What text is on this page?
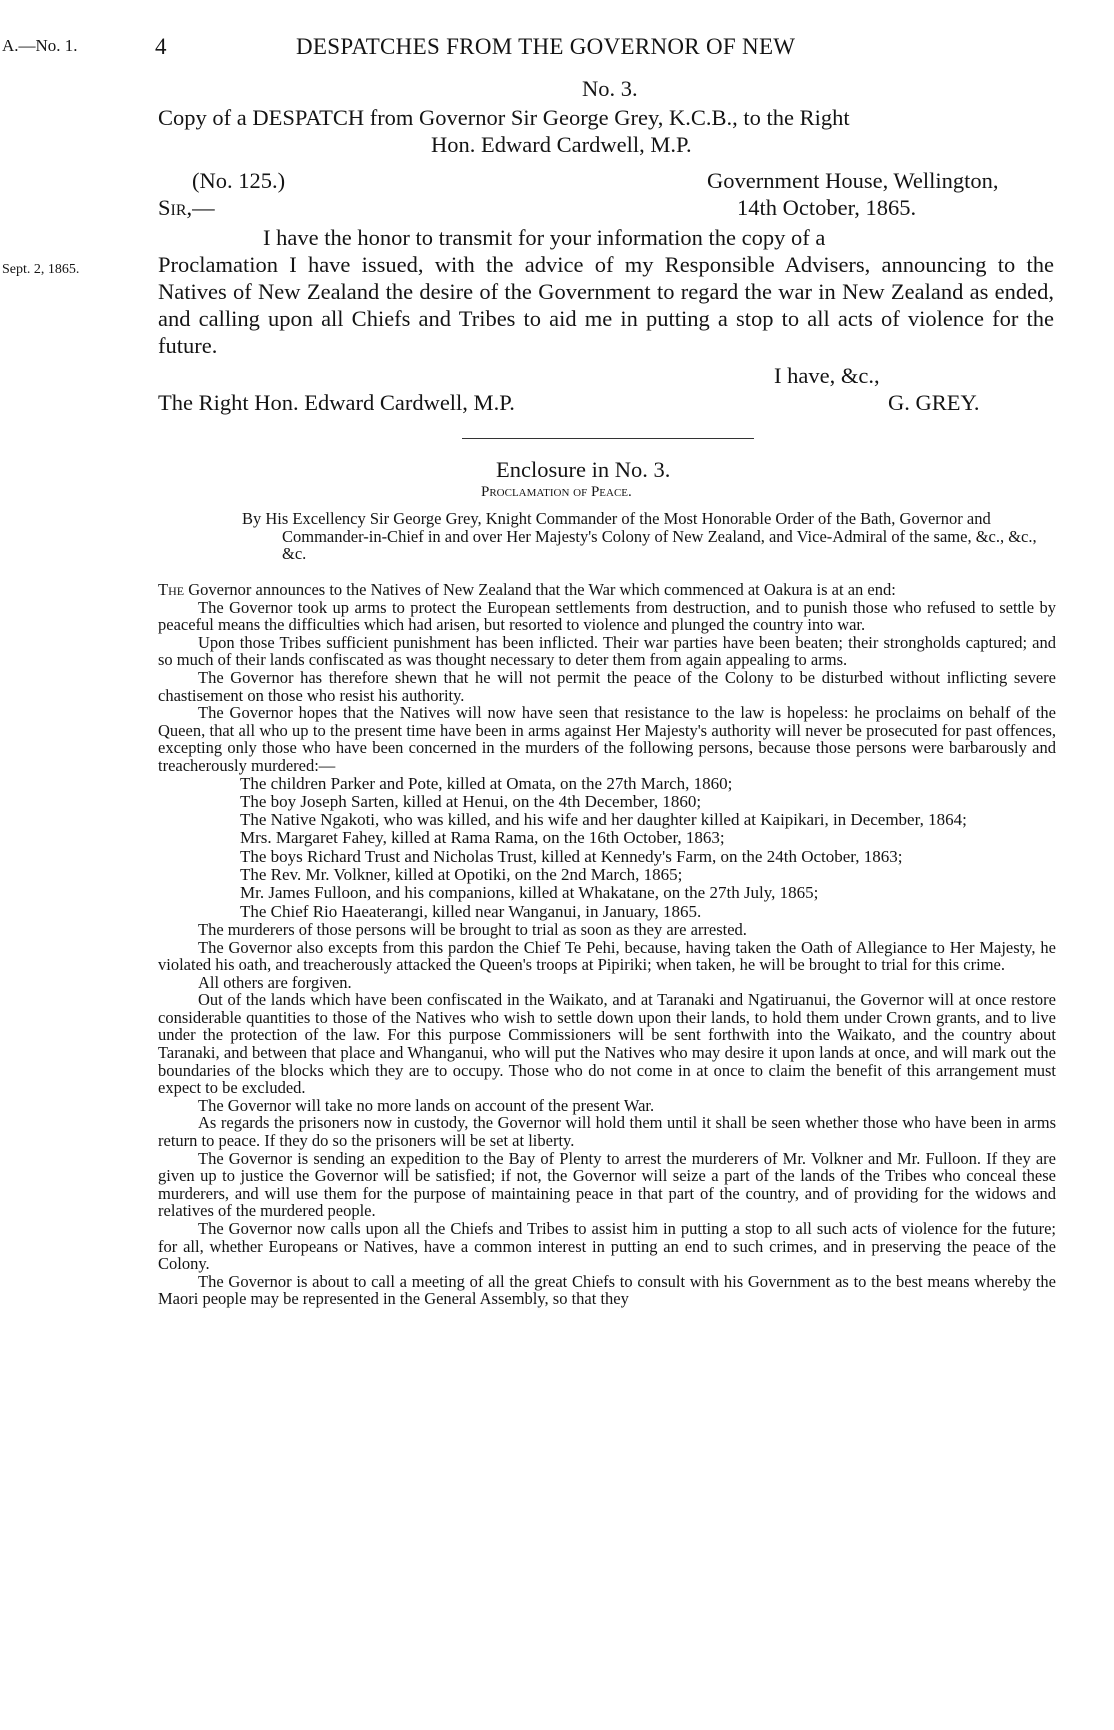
A.—No. 1.	4	DESPATCHES FROM THE GOVERNOR OF NEW
Sept. 2, 1865.
No. 3.
Copy of a DESPATCH from Governor Sir George Grey, K.C.B., to the Right
Hon. Edward Cardwell, M.P.
(No. 125.)	Government House, Wellington,
Sir,—	14th October, 1865.

I have the honor to transmit for your information the copy of a

Proclamation I have issued, with the advice of my Responsible Advisers, announcing to the Natives of New Zealand the desire of the Government to regard the war in New Zealand as ended, and calling upon all Chiefs and Tribes to aid me in putting a stop to all acts of violence for the future.

I have, &c.,
The Right Hon. Edward Cardwell, M.P.	G. GREY.
Enclosure in No. 3.
Proclamation of Peace.
By His Excellency Sir George Grey, Knight Commander of the Most Honorable Order of the Bath, Governor and Commander-in-Chief in and over Her Majesty's Colony of New Zealand, and Vice-Admiral of the same, &c., &c., &c.

The Governor announces to the Natives of New Zealand that the War which commenced at Oakura is at an end:

The Governor took up arms to protect the European settlements from destruction, and to punish those who refused to settle by peaceful means the difficulties which had arisen, but resorted to violence and plunged the country into war.

Upon those Tribes sufficient punishment has been inflicted. Their war parties have been beaten; their strongholds captured; and so much of their lands confiscated as was thought necessary to deter them from again appealing to arms.

The Governor has therefore shewn that he will not permit the peace of the Colony to be disturbed without inflicting severe chastisement on those who resist his authority.

The Governor hopes that the Natives will now have seen that resistance to the law is hopeless: he proclaims on behalf of the Queen, that all who up to the present time have been in arms against Her Majesty's authority will never be prosecuted for past offences, excepting only those who have been concerned in the murders of the following persons, because those persons were barbarously and treacherously murdered:—

The children Parker and Pote, killed at Omata, on the 27th March, 1860;
The boy Joseph Sarten, killed at Henui, on the 4th December, 1860;
The Native Ngakoti, who was killed, and his wife and her daughter killed at Kaipikari, in December, 1864;
Mrs. Margaret Fahey, killed at Rama Rama, on the 16th October, 1863;
The boys Richard Trust and Nicholas Trust, killed at Kennedy's Farm, on the 24th October, 1863;
The Rev. Mr. Volkner, killed at Opotiki, on the 2nd March, 1865;
Mr. James Fulloon, and his companions, killed at Whakatane, on the 27th July, 1865;
The Chief Rio Haeaterangi, killed near Wanganui, in January, 1865.

The murderers of those persons will be brought to trial as soon as they are arrested.

The Governor also excepts from this pardon the Chief Te Pehi, because, having taken the Oath of Allegiance to Her Majesty, he violated his oath, and treacherously attacked the Queen's troops at Pipiriki; when taken, he will be brought to trial for this crime.

All others are forgiven.

Out of the lands which have been confiscated in the Waikato, and at Taranaki and Ngatiruanui, the Governor will at once restore considerable quantities to those of the Natives who wish to settle down upon their lands, to hold them under Crown grants, and to live under the protection of the law. For this purpose Commissioners will be sent forthwith into the Waikato, and the country about Taranaki, and between that place and Whanganui, who will put the Natives who may desire it upon lands at once, and will mark out the boundaries of the blocks which they are to occupy. Those who do not come in at once to claim the benefit of this arrangement must expect to be excluded.

The Governor will take no more lands on account of the present War.

As regards the prisoners now in custody, the Governor will hold them until it shall be seen whether those who have been in arms return to peace. If they do so the prisoners will be set at liberty.

The Governor is sending an expedition to the Bay of Plenty to arrest the murderers of Mr. Volkner and Mr. Fulloon. If they are given up to justice the Governor will be satisfied; if not, the Governor will seize a part of the lands of the Tribes who conceal these murderers, and will use them for the purpose of maintaining peace in that part of the country, and of providing for the widows and relatives of the murdered people.

The Governor now calls upon all the Chiefs and Tribes to assist him in putting a stop to all such acts of violence for the future; for all, whether Europeans or Natives, have a common interest in putting an end to such crimes, and in preserving the peace of the Colony.

The Governor is about to call a meeting of all the great Chiefs to consult with his Government as to the best means whereby the Maori people may be represented in the General Assembly, so that they
